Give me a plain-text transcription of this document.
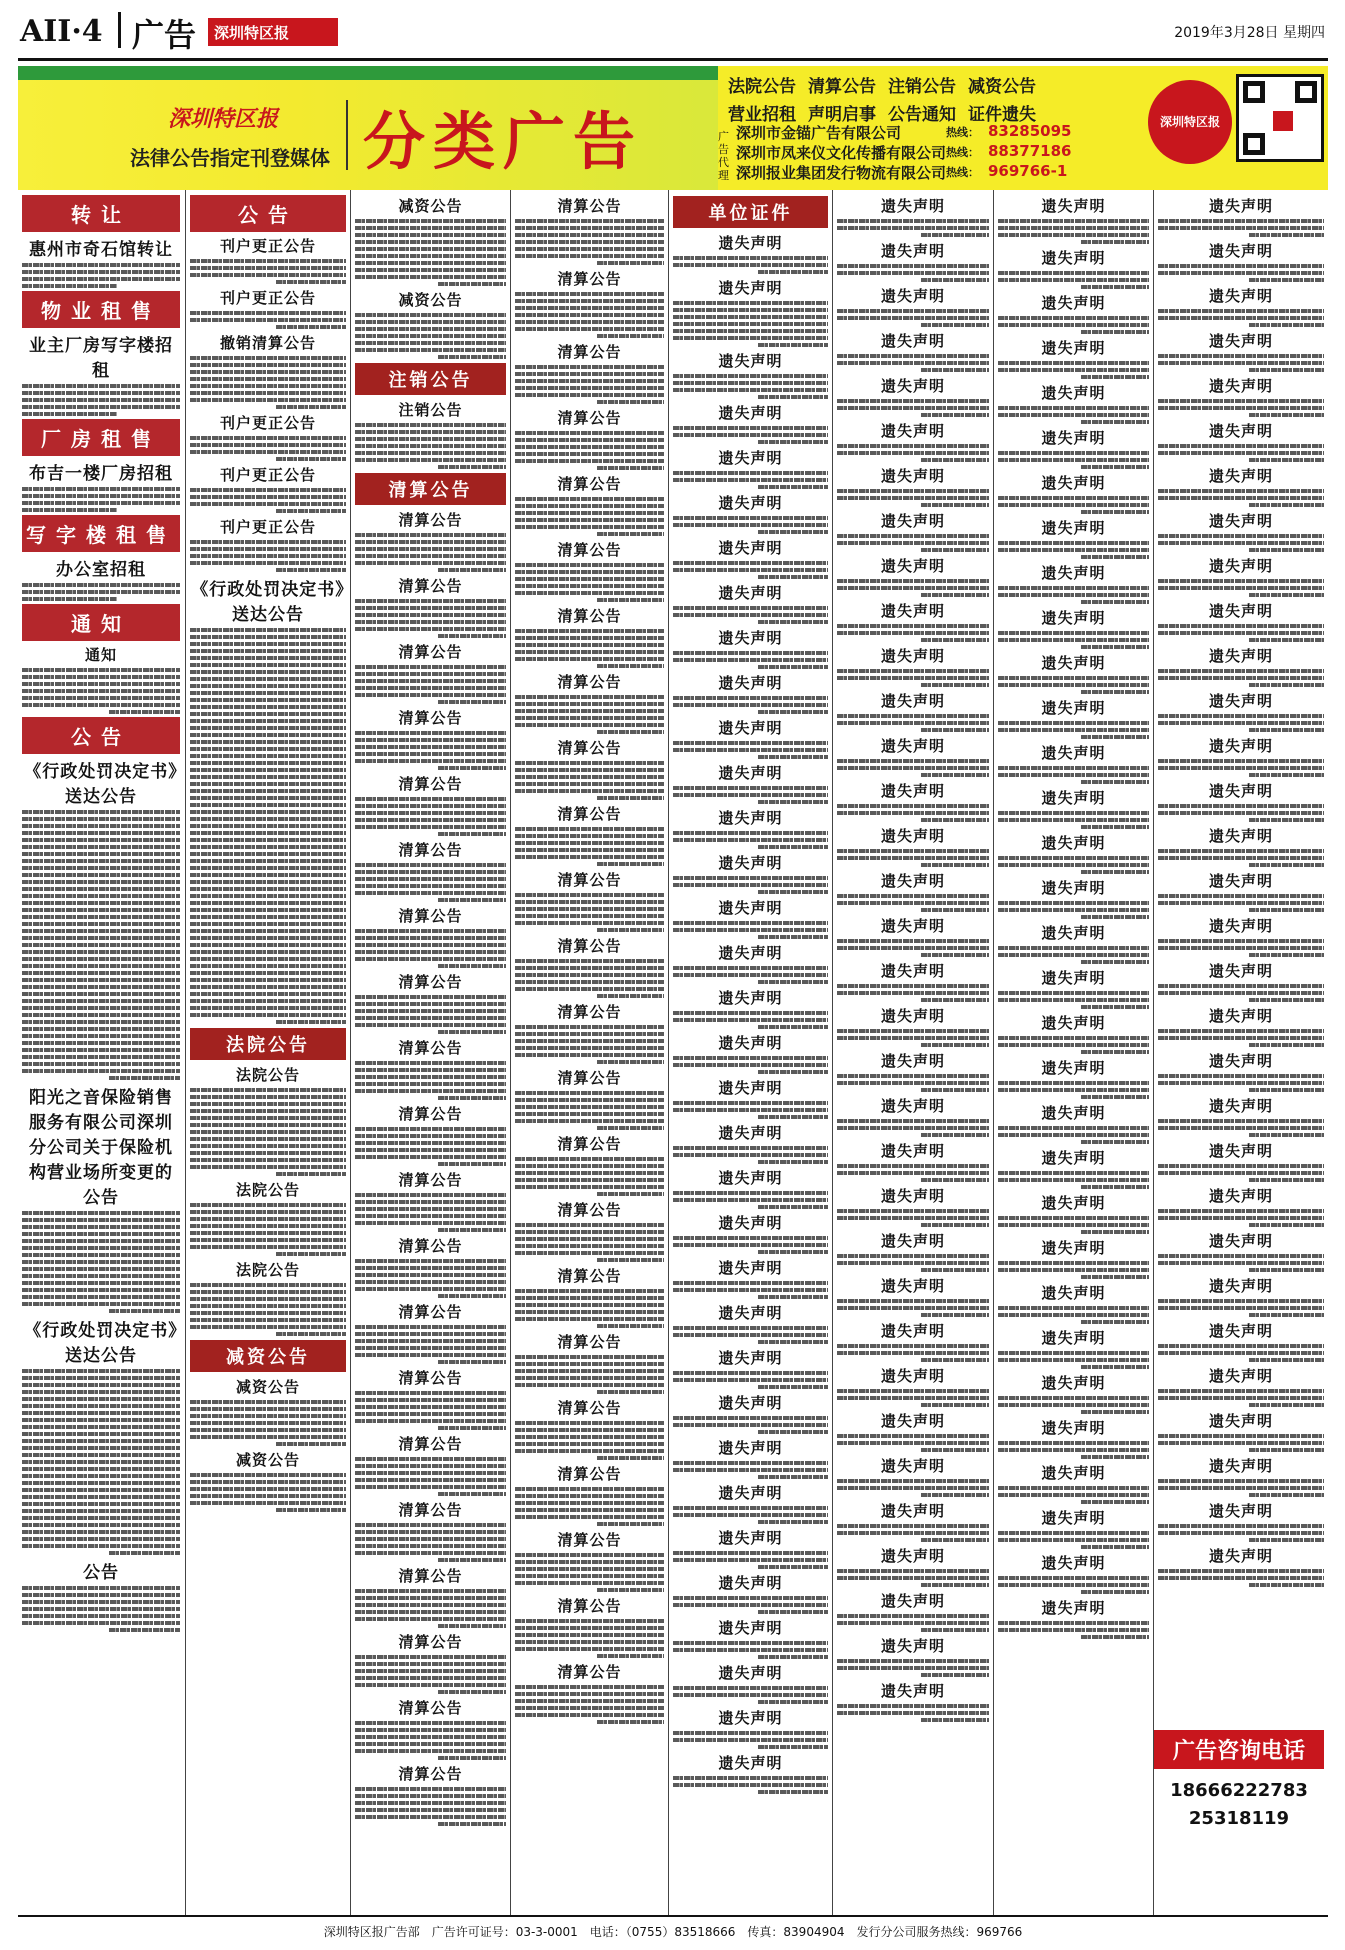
AII·4 广告	深圳特区报	2019年3月28日 星期四
深圳特区报
法律公告指定刊登媒体 分类广告
法院公告 清算公告 注销公告 减资公告营业招租 声明启事 公告通知 证件遗失
广告代理
深圳市金锚广告有限公司	热线： 83285095
深圳市凤来仪文化传播有限公司 热线： 88377186
深圳报业集团发行物流有限公司 热线： 969766-1
深圳特区报
转让
惠州市奇石馆转让
物业租售
业主厂房写字楼招租
厂房租售
布吉一楼厂房招租
写字楼租售
办公室招租
通知
通知
公告
《行政处罚决定书》送达公告
阳光之音保险销售服务有限公司深圳分公司关于保险机构营业场所变更的公告
《行政处罚决定书》送达公告
公告
公告
刊户更正公告
刊户更正公告
撤销清算公告
刊户更正公告
刊户更正公告
刊户更正公告
《行政处罚决定书》送达公告
法院公告
法院公告
法院公告
法院公告
减资公告
减资公告
减资公告
减资公告
减资公告
注销公告
注销公告
清算公告
清算公告
清算公告
清算公告
清算公告
清算公告
清算公告
清算公告
清算公告
清算公告
清算公告
清算公告
清算公告
清算公告
清算公告
清算公告
清算公告
清算公告
清算公告
清算公告
清算公告
清算公告
清算公告
清算公告
清算公告
清算公告
清算公告
清算公告
清算公告
清算公告
清算公告
清算公告
清算公告
清算公告
清算公告
清算公告
清算公告
清算公告
清算公告
清算公告
清算公告
清算公告
清算公告
清算公告
单位证件
遗失声明
遗失声明
遗失声明
遗失声明
遗失声明
遗失声明
遗失声明
遗失声明
遗失声明
遗失声明
遗失声明
遗失声明
遗失声明
遗失声明
遗失声明
遗失声明
遗失声明
遗失声明
遗失声明
遗失声明
遗失声明
遗失声明
遗失声明
遗失声明
遗失声明
遗失声明
遗失声明
遗失声明
遗失声明
遗失声明
遗失声明
遗失声明
遗失声明
遗失声明
遗失声明
遗失声明
遗失声明
遗失声明
遗失声明
遗失声明
遗失声明
遗失声明
遗失声明
遗失声明
遗失声明
遗失声明
遗失声明
遗失声明
遗失声明
遗失声明
遗失声明
遗失声明
遗失声明
遗失声明
遗失声明
遗失声明
遗失声明
遗失声明
遗失声明
遗失声明
遗失声明
遗失声明
遗失声明
遗失声明
遗失声明
遗失声明
遗失声明
遗失声明
遗失声明
遗失声明
遗失声明
遗失声明
遗失声明
遗失声明
遗失声明
遗失声明
遗失声明
遗失声明
遗失声明
遗失声明
遗失声明
遗失声明
遗失声明
遗失声明
遗失声明
遗失声明
遗失声明
遗失声明
遗失声明
遗失声明
遗失声明
遗失声明
遗失声明
遗失声明
遗失声明
遗失声明
遗失声明
遗失声明
遗失声明
遗失声明
遗失声明
遗失声明
遗失声明
遗失声明
遗失声明
遗失声明
遗失声明
遗失声明
遗失声明
遗失声明
遗失声明
遗失声明
遗失声明
遗失声明
遗失声明
遗失声明
遗失声明
遗失声明
遗失声明
遗失声明
遗失声明
遗失声明
遗失声明
遗失声明
遗失声明
遗失声明
遗失声明
遗失声明
遗失声明
遗失声明
遗失声明
广告咨询电话
18666222783
25318119
深圳特区报广告部　广告许可证号：03-3-0001　电话：（0755）83518666　传真：83904904　发行分公司服务热线：969766
